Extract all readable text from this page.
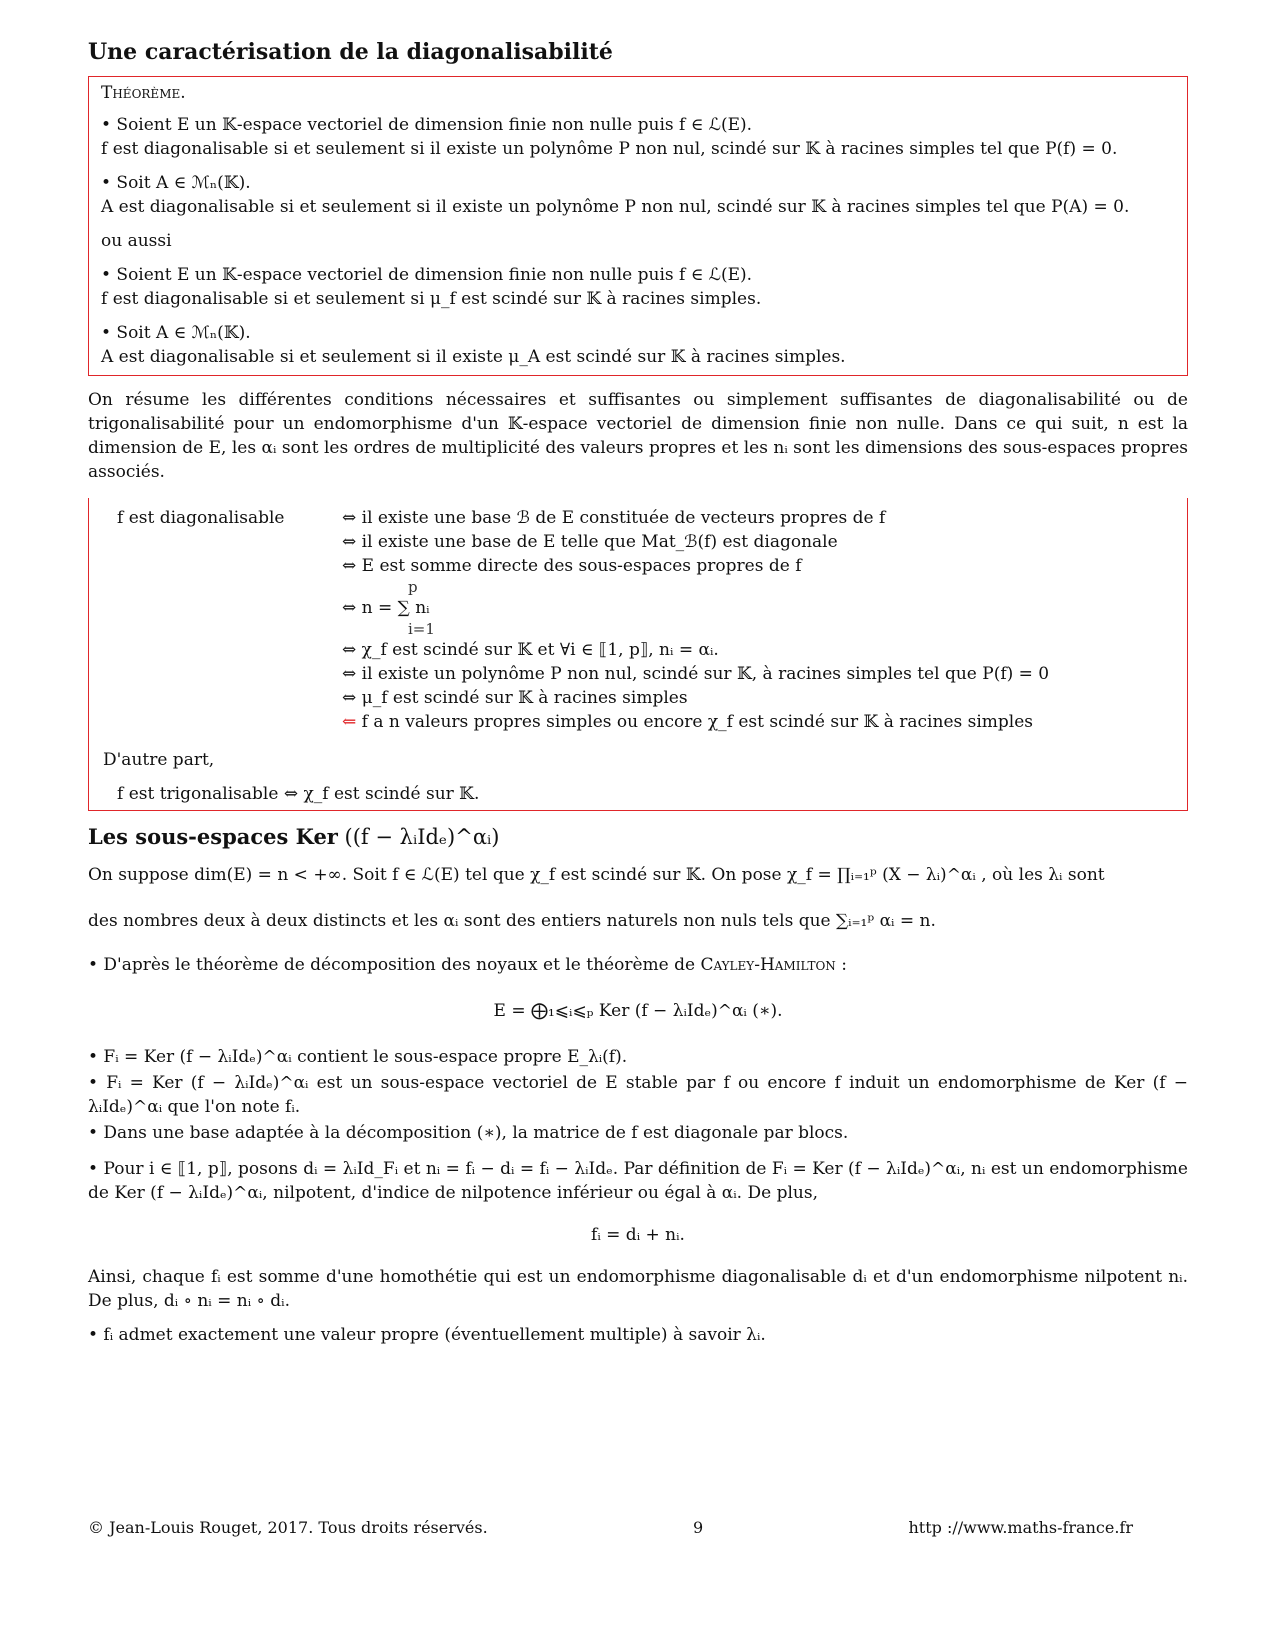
Une caractérisation de la diagonalisabilité
Théorème.
• Soient E un 𝕂-espace vectoriel de dimension finie non nulle puis f ∈ ℒ(E).
f est diagonalisable si et seulement si il existe un polynôme P non nul, scindé sur 𝕂 à racines simples tel que P(f) = 0.
• Soit A ∈ ℳₙ(𝕂).
A est diagonalisable si et seulement si il existe un polynôme P non nul, scindé sur 𝕂 à racines simples tel que P(A) = 0.
ou aussi
• Soient E un 𝕂-espace vectoriel de dimension finie non nulle puis f ∈ ℒ(E).
f est diagonalisable si et seulement si μ_f est scindé sur 𝕂 à racines simples.
• Soit A ∈ ℳₙ(𝕂).
A est diagonalisable si et seulement si il existe μ_A est scindé sur 𝕂 à racines simples.
On résume les différentes conditions nécessaires et suffisantes ou simplement suffisantes de diagonalisabilité ou de trigonalisabilité pour un endomorphisme d'un 𝕂-espace vectoriel de dimension finie non nulle. Dans ce qui suit, n est la dimension de E, les αᵢ sont les ordres de multiplicité des valeurs propres et les nᵢ sont les dimensions des sous-espaces propres associés.
f est diagonalisable	⇔ il existe une base ℬ de E constituée de vecteurs propres de f
⇔ il existe une base de E telle que Mat_ℬ(f) est diagonale
⇔ E est somme directe des sous-espaces propres de f
p
⇔ n = ∑ nᵢ
i=1
⇔ χ_f est scindé sur 𝕂 et ∀i ∈ ⟦1, p⟧, nᵢ = αᵢ.
⇔ il existe un polynôme P non nul, scindé sur 𝕂, à racines simples tel que P(f) = 0
⇔ μ_f est scindé sur 𝕂 à racines simples
⇐ f a n valeurs propres simples ou encore χ_f est scindé sur 𝕂 à racines simples
D'autre part,
f est trigonalisable ⇔ χ_f est scindé sur 𝕂.
Les sous-espaces Ker ((f − λᵢIdₑ)^αᵢ)
On suppose dim(E) = n < +∞. Soit f ∈ ℒ(E) tel que χ_f est scindé sur 𝕂. On pose χ_f = ∏ᵢ₌₁ᵖ (X − λᵢ)^αᵢ , où les λᵢ sont
des nombres deux à deux distincts et les αᵢ sont des entiers naturels non nuls tels que ∑ᵢ₌₁ᵖ αᵢ = n.
• D'après le théorème de décomposition des noyaux et le théorème de Cayley-Hamilton :
E = ⨁₁⩽ᵢ⩽ₚ Ker (f − λᵢIdₑ)^αᵢ (∗).
• Fᵢ = Ker (f − λᵢIdₑ)^αᵢ contient le sous-espace propre E_λᵢ(f).
• Fᵢ = Ker (f − λᵢIdₑ)^αᵢ est un sous-espace vectoriel de E stable par f ou encore f induit un endomorphisme de Ker (f − λᵢIdₑ)^αᵢ que l'on note fᵢ.
• Dans une base adaptée à la décomposition (∗), la matrice de f est diagonale par blocs.
• Pour i ∈ ⟦1, p⟧, posons dᵢ = λᵢId_Fᵢ et nᵢ = fᵢ − dᵢ = fᵢ − λᵢIdₑ. Par définition de Fᵢ = Ker (f − λᵢIdₑ)^αᵢ, nᵢ est un endomorphisme de Ker (f − λᵢIdₑ)^αᵢ, nilpotent, d'indice de nilpotence inférieur ou égal à αᵢ. De plus,
fᵢ = dᵢ + nᵢ.
Ainsi, chaque fᵢ est somme d'une homothétie qui est un endomorphisme diagonalisable dᵢ et d'un endomorphisme nilpotent nᵢ. De plus, dᵢ ∘ nᵢ = nᵢ ∘ dᵢ.
• fᵢ admet exactement une valeur propre (éventuellement multiple) à savoir λᵢ.
© Jean-Louis Rouget, 2017. Tous droits réservés.	9	http ://www.maths-france.fr
